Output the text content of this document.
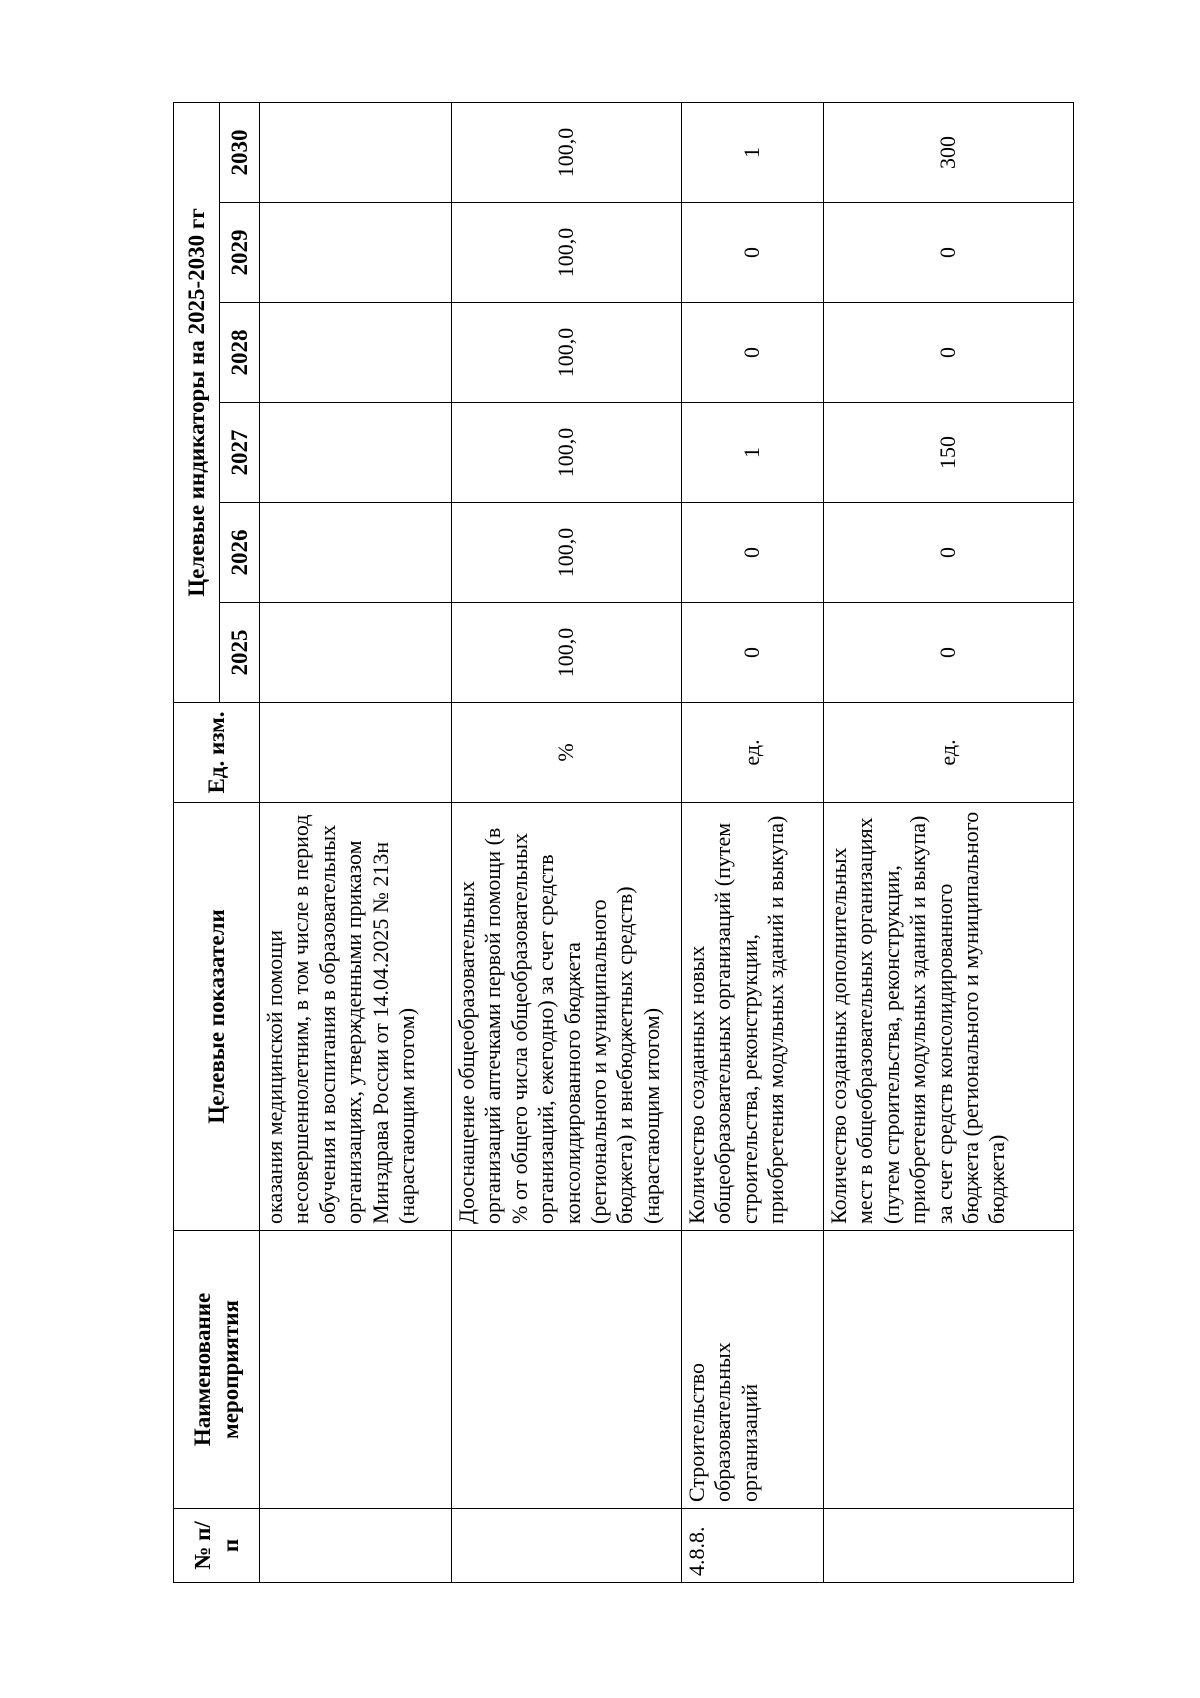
№ п/п	Наименование мероприятия	Целевые показатели	Ед. изм.	Целевые индикаторы на 2025-2030 гг					
				2025	2026	2027	2028	2029	2030
		оказания медицинской помощи несовершеннолетним, в том числе в период обучения и воспитания в образовательных организациях, утвержденными приказом Минздрава России от 14.04.2025 № 213н (нарастающим итогом)							
		Дооснащение общеобразовательных организаций аптечками первой помощи (в % от общего числа общеобразовательных организаций, ежегодно) за счет средств консолидированного бюджета (регионального и муниципального бюджета) и внебюджетных средств) (нарастающим итогом)	%	100,0	100,0	100,0	100,0	100,0	100,0
4.8.8.	Строительство образовательных организаций	Количество созданных новых общеобразовательных организаций (путем строительства, реконструкции, приобретения модульных зданий и выкупа)	ед.	0	0	1	0	0	1
		Количество созданных дополнительных мест в общеобразовательных организациях (путем строительства, реконструкции, приобретения модульных зданий и выкупа) за счет средств консолидированного бюджета (регионального и муниципального бюджета)	ед.	0	0	150	0	0	300
